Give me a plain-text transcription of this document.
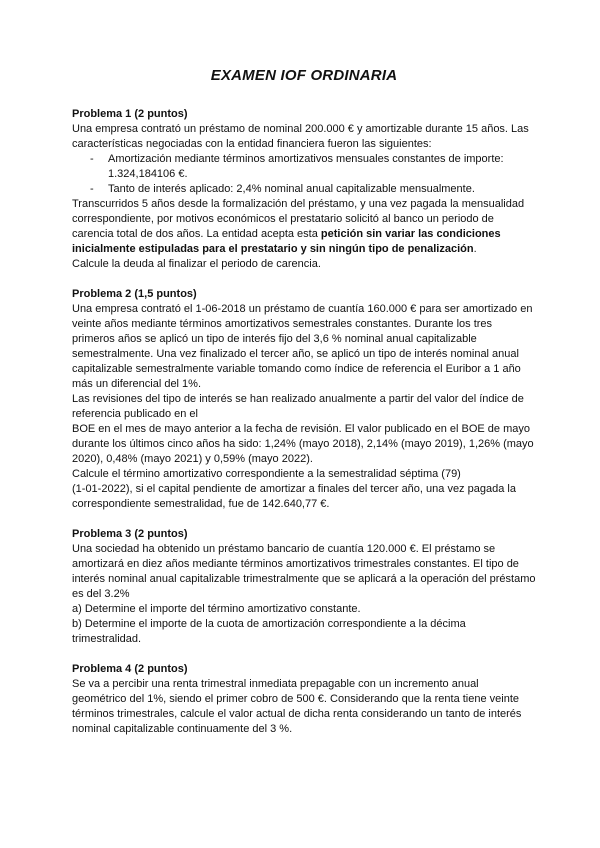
EXAMEN IOF ORDINARIA

Problema 1 (2 puntos)

Una empresa contrató un préstamo de nominal 200.000 € y amortizable durante 15 años. Las características negociadas con la entidad financiera fueron las siguientes:

- Amortización mediante términos amortizativos mensuales constantes de importe: 1.324,184106 €.
- Tanto de interés aplicado: 2,4% nominal anual capitalizable mensualmente.

Transcurridos 5 años desde la formalización del préstamo, y una vez pagada la mensualidad correspondiente, por motivos económicos el prestatario solicitó al banco un periodo de carencia total de dos años. La entidad acepta esta petición sin variar las condiciones inicialmente estipuladas para el prestatario y sin ningún tipo de penalización.

Calcule la deuda al finalizar el periodo de carencia.

Problema 2 (1,5 puntos)

Una empresa contrató el 1-06-2018 un préstamo de cuantía 160.000 € para ser amortizado en veinte años mediante términos amortizativos semestrales constantes. Durante los tres primeros años se aplicó un tipo de interés fijo del 3,6 % nominal anual capitalizable semestralmente. Una vez finalizado el tercer año, se aplicó un tipo de interés nominal anual capitalizable semestralmente variable tomando como índice de referencia el Euribor a 1 año más un diferencial del 1%.

Las revisiones del tipo de interés se han realizado anualmente a partir del valor del índice de referencia publicado en el

BOE en el mes de mayo anterior a la fecha de revisión. El valor publicado en el BOE de mayo durante los últimos cinco años ha sido: 1,24% (mayo 2018), 2,14% (mayo 2019), 1,26% (mayo 2020), 0,48% (mayo 2021) y 0,59% (mayo 2022).

Calcule el término amortizativo correspondiente a la semestralidad séptima (79)

(1-01-2022), si el capital pendiente de amortizar a finales del tercer año, una vez pagada la correspondiente semestralidad, fue de 142.640,77 €.

Problema 3 (2 puntos)

Una sociedad ha obtenido un préstamo bancario de cuantía 120.000 €. El préstamo se amortizará en diez años mediante términos amortizativos trimestrales constantes. El tipo de interés nominal anual capitalizable trimestralmente que se aplicará a la operación del préstamo es del 3.2%

a) Determine el importe del término amortizativo constante.

b) Determine el importe de la cuota de amortización correspondiente a la décima trimestralidad.

Problema 4 (2 puntos)

Se va a percibir una renta trimestral inmediata prepagable con un incremento anual geométrico del 1%, siendo el primer cobro de 500 €. Considerando que la renta tiene veinte términos trimestrales, calcule el valor actual de dicha renta considerando un tanto de interés nominal capitalizable continuamente del 3 %.
